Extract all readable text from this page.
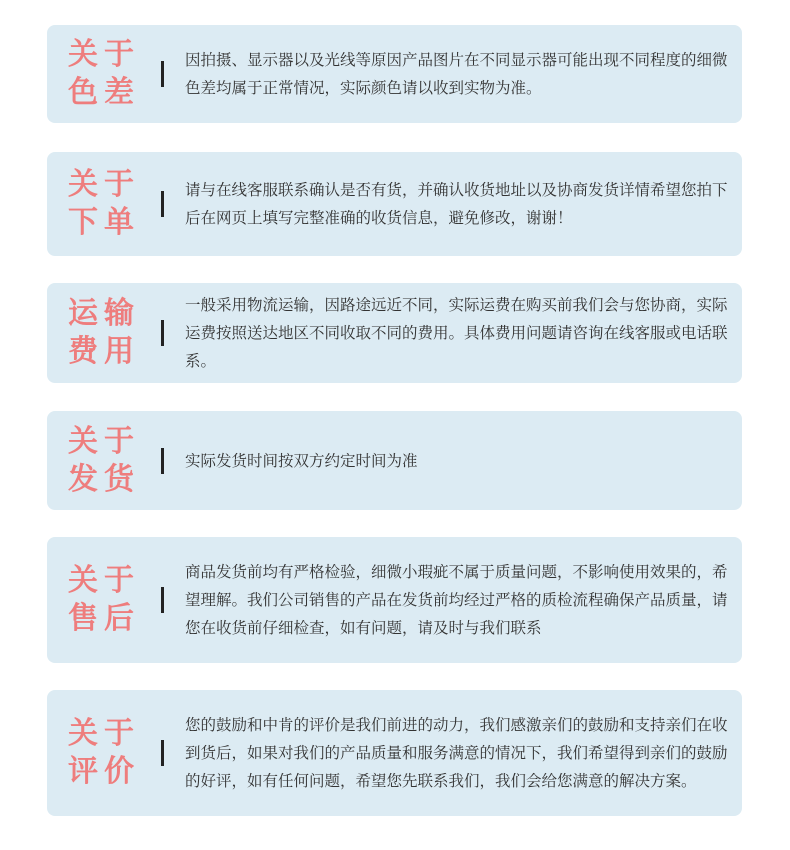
关于
色差
因拍摄、显示器以及光线等原因产品图片在不同显示器可能出现不同程度的细微色差均属于正常情况，实际颜色请以收到实物为准。
关于
下单
请与在线客服联系确认是否有货，并确认收货地址以及协商发货详情希望您拍下后在网页上填写完整准确的收货信息，避免修改，谢谢！
运输
费用
一般采用物流运输，因路途远近不同，实际运费在购买前我们会与您协商，实际运费按照送达地区不同收取不同的费用。具体费用问题请咨询在线客服或电话联系。
关于
发货
实际发货时间按双方约定时间为准
关于
售后
商品发货前均有严格检验，细微小瑕疵不属于质量问题，不影响使用效果的，希望理解。我们公司销售的产品在发货前均经过严格的质检流程确保产品质量，请您在收货前仔细检查，如有问题，请及时与我们联系
关于
评价
您的鼓励和中肯的评价是我们前进的动力，我们感激亲们的鼓励和支持亲们在收到货后，如果对我们的产品质量和服务满意的情况下，我们希望得到亲们的鼓励的好评，如有任何问题，希望您先联系我们，我们会给您满意的解决方案。
